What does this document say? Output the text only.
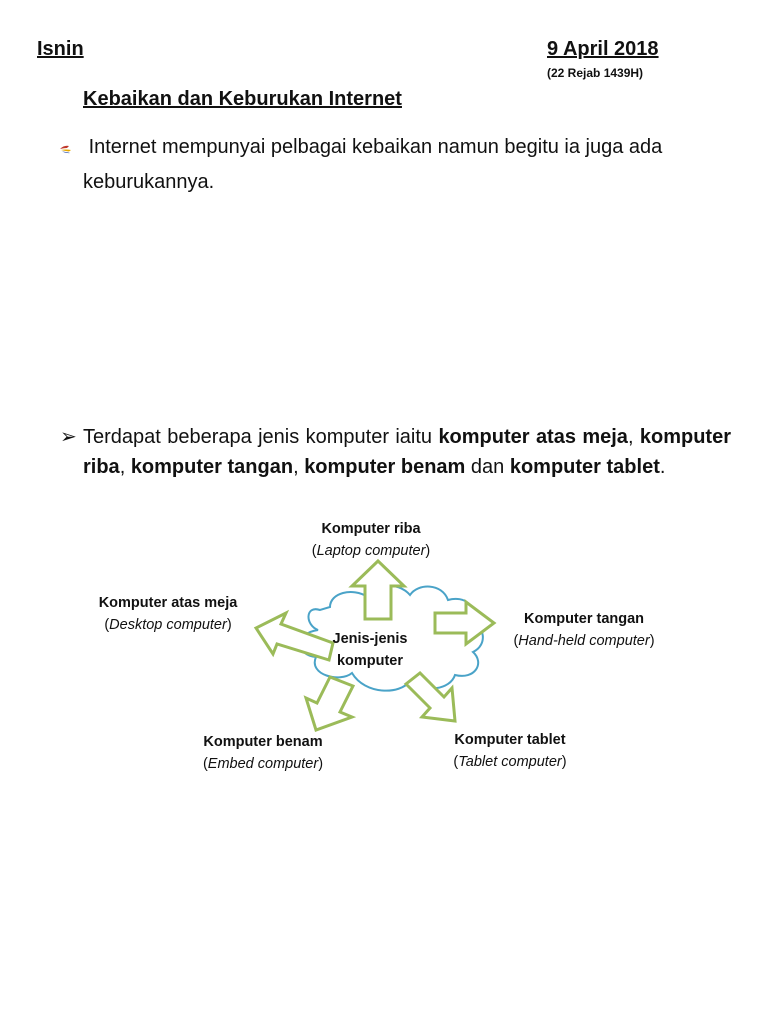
Isnin	9 April 2018
(22 Rejab 1439H)
Kebaikan dan Keburukan Internet
Internet mempunyai pelbagai kebaikan namun begitu ia juga ada keburukannya.
➢ Terdapat beberapa jenis komputer iaitu komputer atas meja, komputer riba, komputer tangan, komputer benam dan komputer tablet.
Jenis-jenis
komputer
Komputer riba
(Laptop computer)
Komputer atas meja
(Desktop computer)	Komputer tangan
(Hand-held computer)
Komputer benam
(Embed computer)
Komputer tablet
(Tablet computer)
